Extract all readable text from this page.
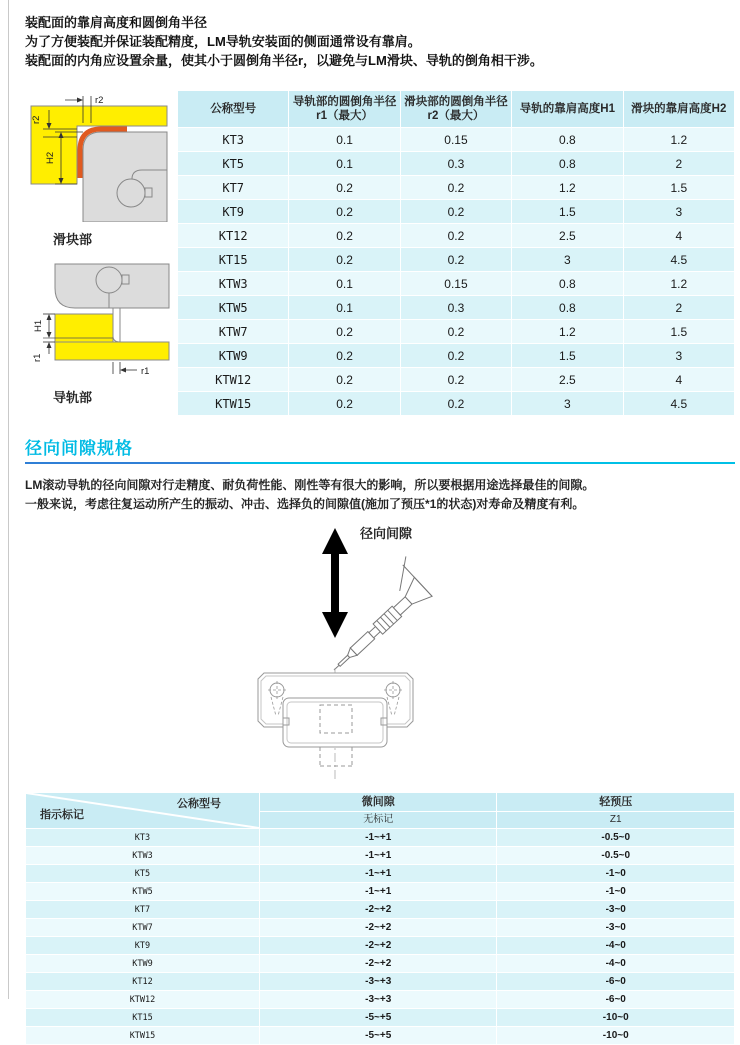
装配面的靠肩高度和圆倒角半径
为了方便装配并保证装配精度，LM导轨安装面的侧面通常设有靠肩。
装配面的内角应设置余量，使其小于圆倒角半径r，以避免与LM滑块、导轨的倒角相干涉。
r2
r2
H2
滑块部
H1
r1
r1
导轨部
公称型号	导轨部的圆倒角半径r1（最大）	滑块部的圆倒角半径r2（最大）	导轨的靠肩高度H1	滑块的靠肩高度H2
KT3	0.1	0.15	0.8	1.2
KT5	0.1	0.3	0.8	2
KT7	0.2	0.2	1.2	1.5
KT9	0.2	0.2	1.5	3
KT12	0.2	0.2	2.5	4
KT15	0.2	0.2	3	4.5
KTW3	0.1	0.15	0.8	1.2
KTW5	0.1	0.3	0.8	2
KTW7	0.2	0.2	1.2	1.5
KTW9	0.2	0.2	1.5	3
KTW12	0.2	0.2	2.5	4
KTW15	0.2	0.2	3	4.5
径向间隙规格
LM滚动导轨的径向间隙对行走精度、耐负荷性能、刚性等有很大的影响，所以要根据用途选择最佳的间隙。
一般来说，考虑往复运动所产生的振动、冲击、选择负的间隙值(施加了预压*1的状态)对寿命及精度有利。
径向间隙
公称型号
指示标记	微间隙	轻预压
	无标记	Z1
KT3	-1~+1	-0.5~0
KTW3	-1~+1	-0.5~0
KT5	-1~+1	-1~0
KTW5	-1~+1	-1~0
KT7	-2~+2	-3~0
KTW7	-2~+2	-3~0
KT9	-2~+2	-4~0
KTW9	-2~+2	-4~0
KT12	-3~+3	-6~0
KTW12	-3~+3	-6~0
KT15	-5~+5	-10~0
KTW15	-5~+5	-10~0
